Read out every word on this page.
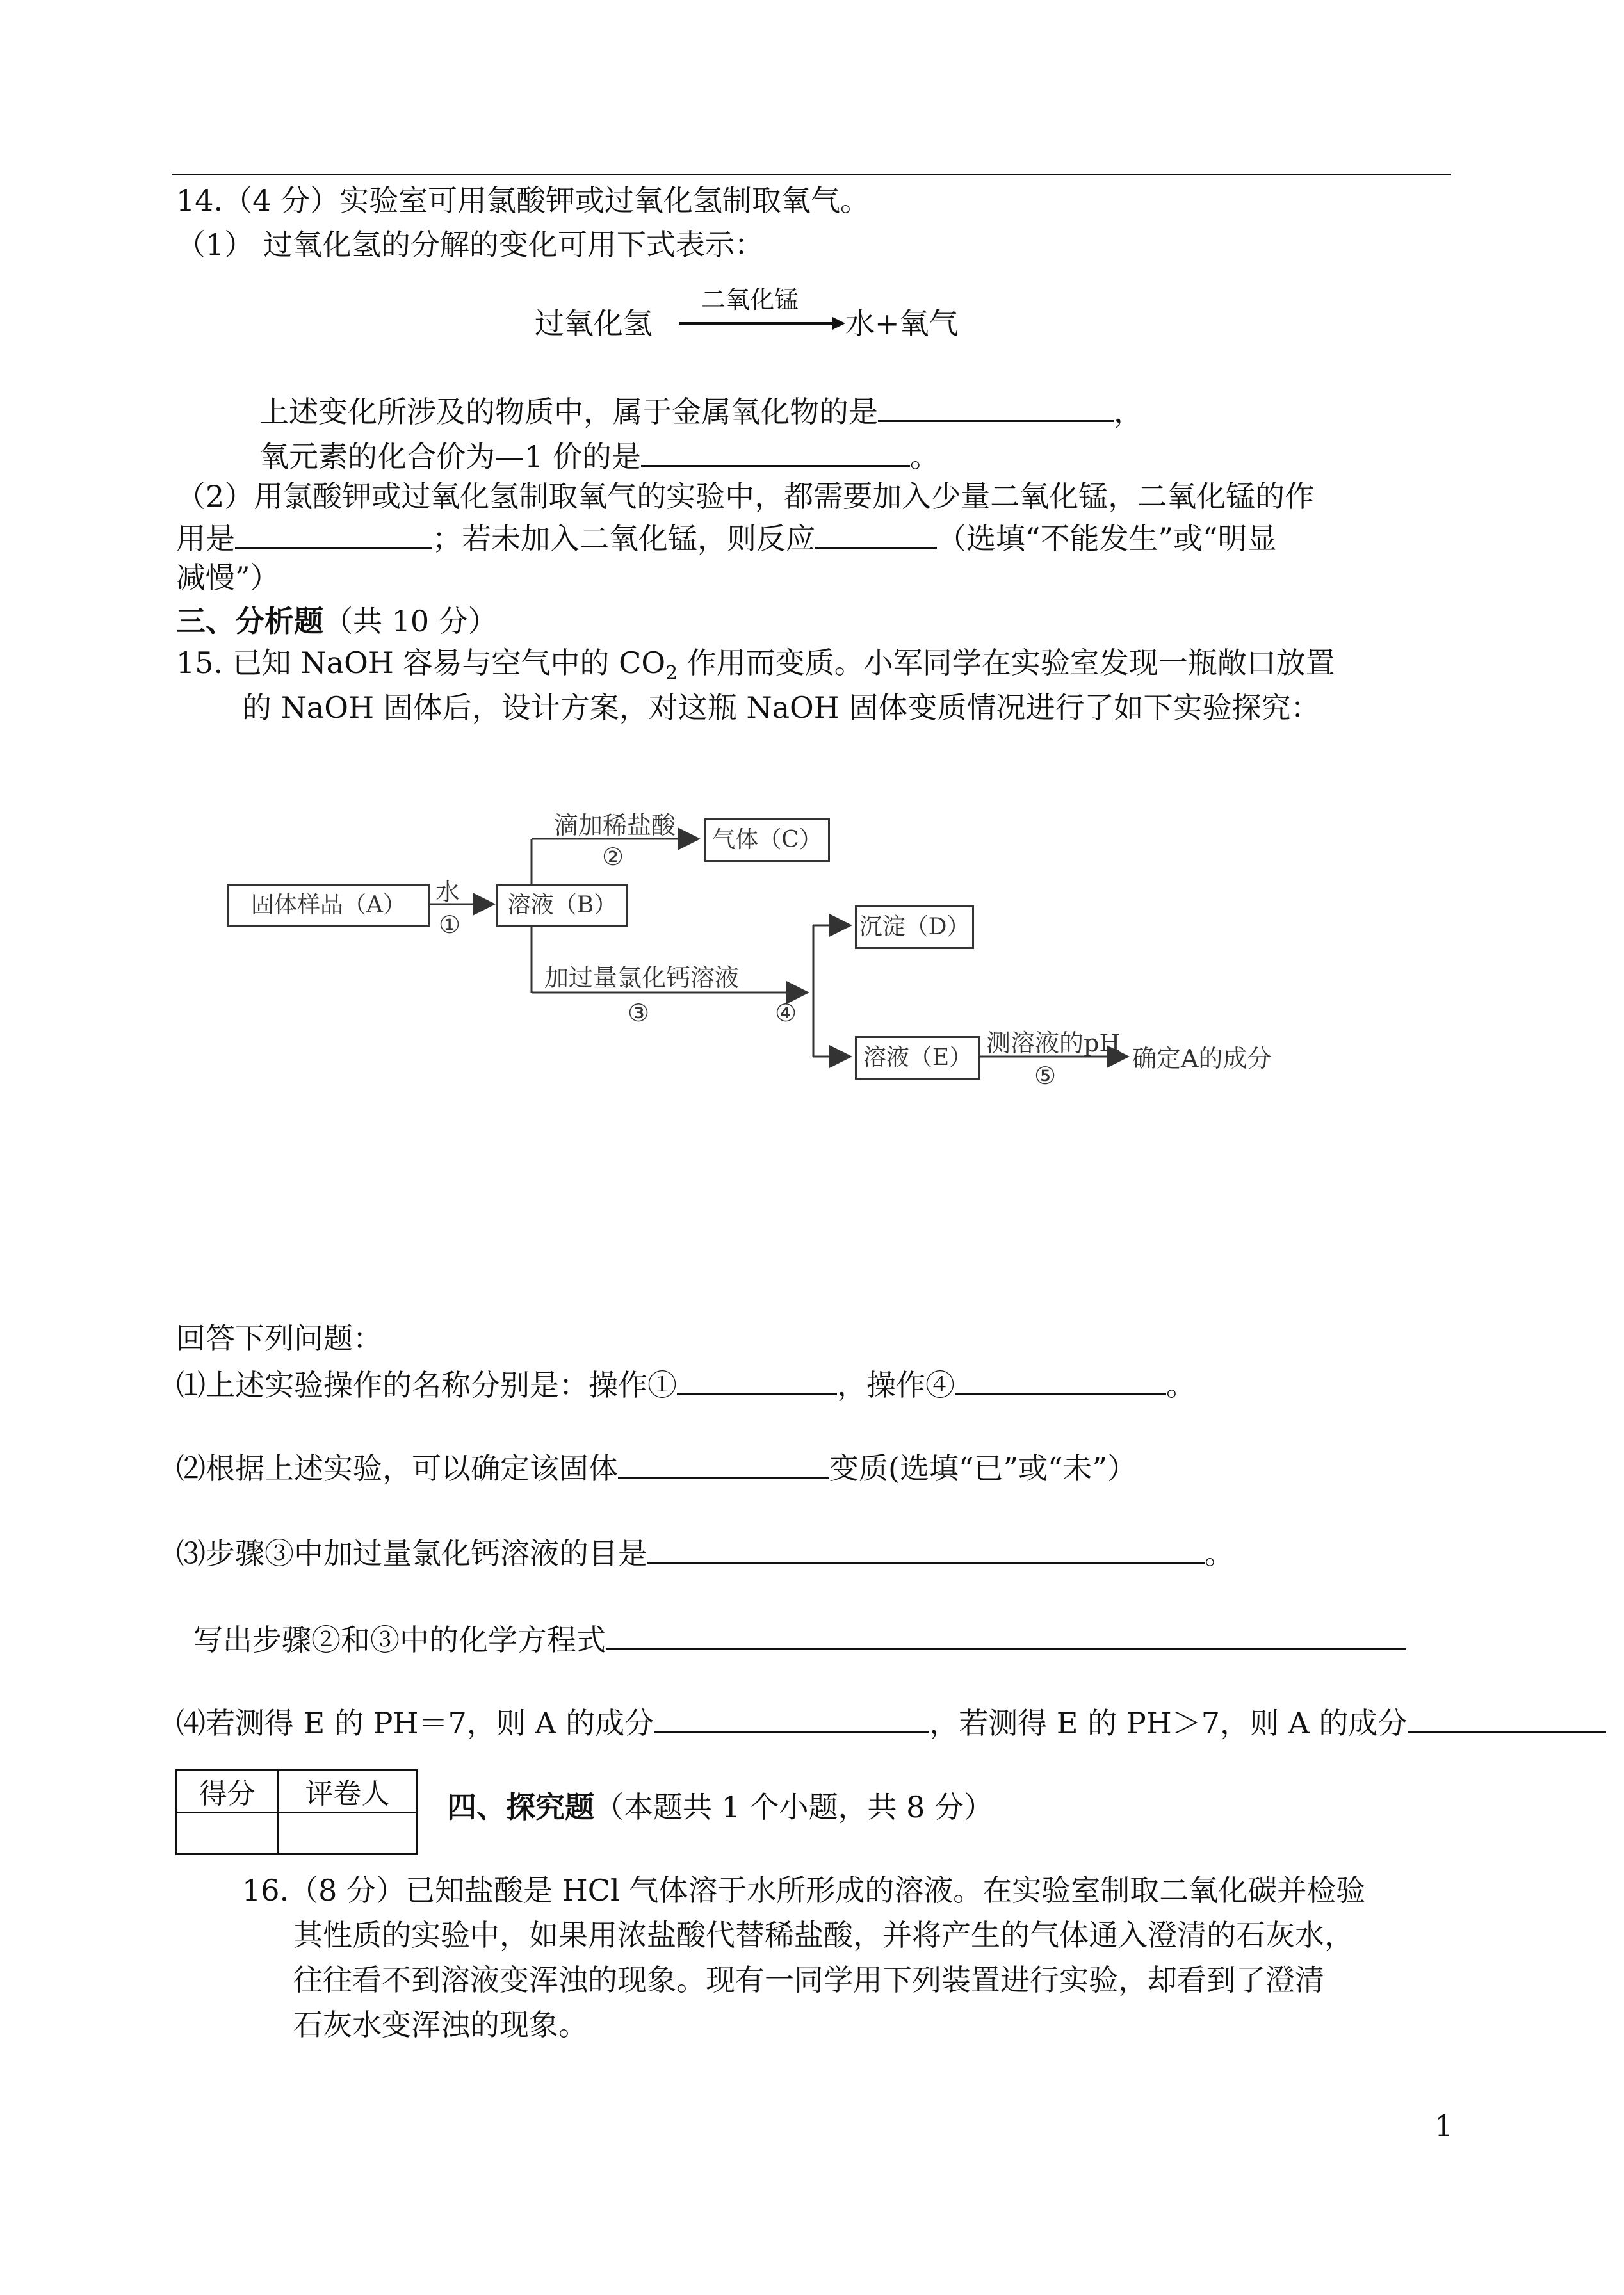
14.（4 分）实验室可用氯酸钾或过氧化氢制取氧气。
（1） 过氧化氢的分解的变化可用下式表示：
过氧化氢
二氧化锰
水+氧气
上述变化所涉及的物质中，属于金属氧化物的是	，
氧元素的化合价为—1 价的是	。
（2）用氯酸钾或过氧化氢制取氧气的实验中，都需要加入少量二氧化锰，二氧化锰的作
用是	；若未加入二氧化锰，则反应	（选填“不能发生”或“明显
减慢”）
三、分析题（共 10 分）
15. 已知 NaOH 容易与空气中的 $CO_2$ 作用而变质。小军同学在实验室发现一瓶敞口放置
的 NaOH 固体后，设计方案，对这瓶 NaOH 固体变质情况进行了如下实验探究：
固体样品（A）	溶液（B）
气体（C）
沉淀（D）
溶液（E）
水
①
滴加稀盐酸
②
加过量氯化钙溶液
③	④
测溶液的pH
⑤
确定A的成分
回答下列问题：
⑴上述实验操作的名称分别是：操作①	，操作④	。
⑵根据上述实验，可以确定该固体	变质(选填“已”或“未”）
⑶步骤③中加过量氯化钙溶液的目是	。
写出步骤②和③中的化学方程式
⑷若测得 E 的 PH＝7，则 A 的成分	，若测得 E 的 PH＞7，则 A 的成分
得分	评卷人
	四、探究题（本题共 1 个小题，共 8 分）
16.（8 分）已知盐酸是 HCl 气体溶于水所形成的溶液。在实验室制取二氧化碳并检验
其性质的实验中，如果用浓盐酸代替稀盐酸，并将产生的气体通入澄清的石灰水，
往往看不到溶液变浑浊的现象。现有一同学用下列装置进行实验，却看到了澄清
石灰水变浑浊的现象。
1
